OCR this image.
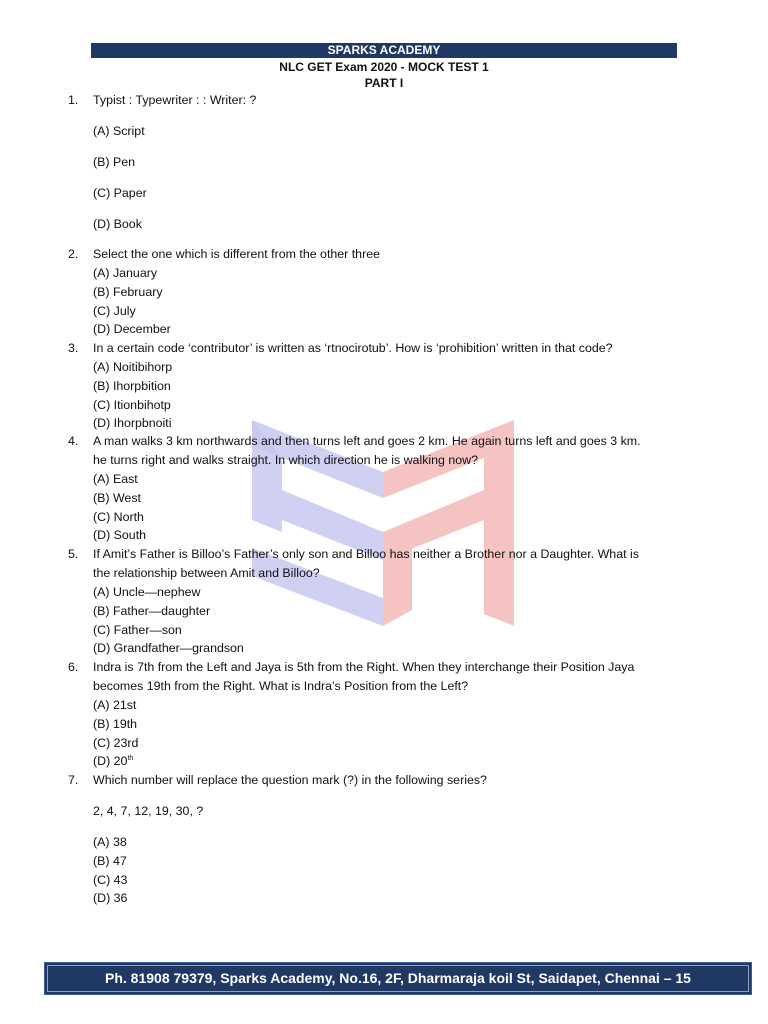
SPARKS ACADEMY
NLC GET Exam 2020 - MOCK TEST 1
PART I
1.	Typist : Typewriter : : Writer: ?
(A) Script
(B) Pen
(C) Paper
(D) Book
2.	Select the one which is different from the other three
(A) January
(B) February
(C) July
(D) December
3.	In a certain code ‘contributor’ is written as ‘rtnocirotub’. How is ‘prohibition’ written in that code?
(A) Noitibihorp
(B) Ihorpbition
(C) Itionbihotp
(D) Ihorpbnoiti
4.	A man walks 3 km northwards and then turns left and goes 2 km. He again turns left and goes 3 km.
he turns right and walks straight. In which direction he is walking now?
(A) East
(B) West
(C) North
(D) South
5.	If Amit’s Father is Billoo’s Father’s only son and Billoo has neither a Brother nor a Daughter. What is
the relationship between Amit and Billoo?
(A) Uncle—nephew
(B) Father—daughter
(C) Father—son
(D) Grandfather—grandson
6.	Indra is 7th from the Left and Jaya is 5th from the Right. When they interchange their Position Jaya
becomes 19th from the Right. What is Indra’s Position from the Left?
(A) 21st
(B) 19th
(C) 23rd
(D) 20th
7.	Which number will replace the question mark (?) in the following series?
2, 4, 7, 12, 19, 30, ?
(A) 38
(B) 47
(C) 43
(D) 36
Ph. 81908 79379, Sparks Academy, No.16, 2F, Dharmaraja koil St, Saidapet, Chennai – 15
